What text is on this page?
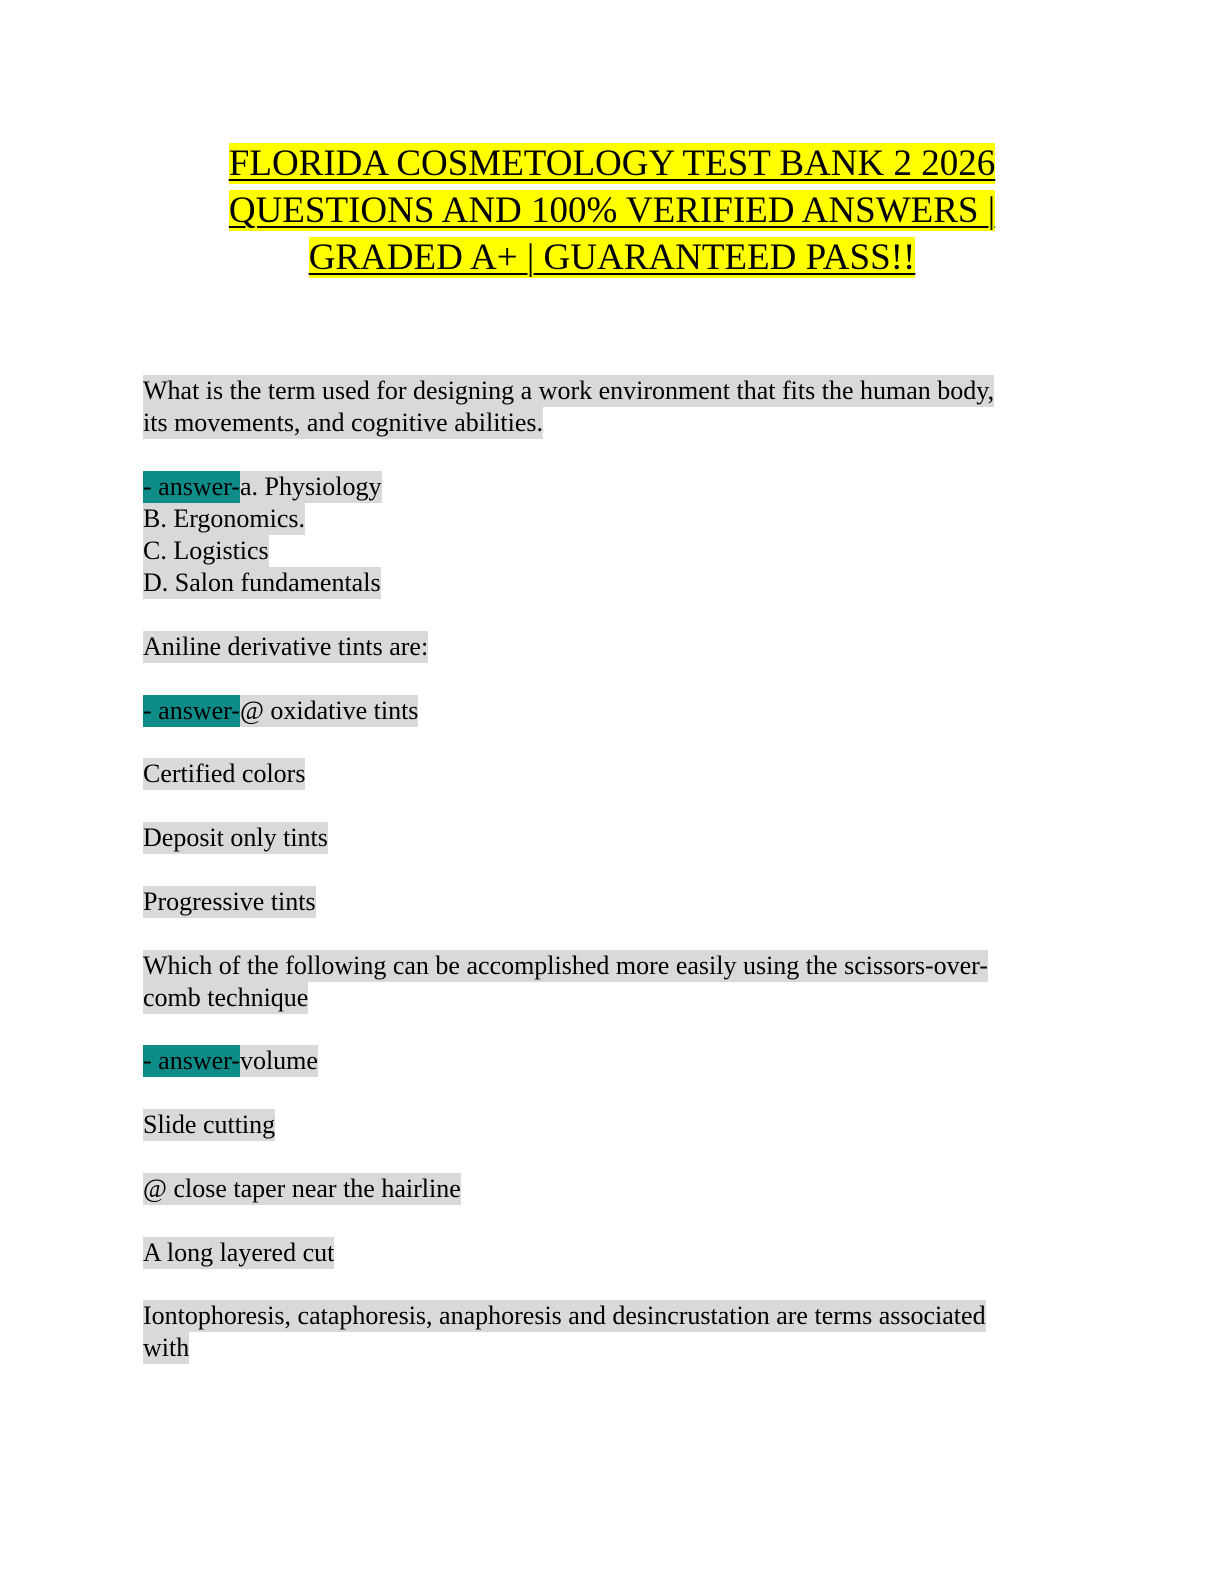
FLORIDA COSMETOLOGY TEST BANK 2 2026
QUESTIONS AND 100% VERIFIED ANSWERS |
GRADED A+ | GUARANTEED PASS!!
What is the term used for designing a work environment that fits the human body,
its movements, and cognitive abilities.
- answer-a. Physiology
B. Ergonomics.
C. Logistics
D. Salon fundamentals
Aniline derivative tints are:
- answer-@ oxidative tints
Certified colors
Deposit only tints
Progressive tints
Which of the following can be accomplished more easily using the scissors-over-
comb technique
- answer-volume
Slide cutting
@ close taper near the hairline
A long layered cut
Iontophoresis, cataphoresis, anaphoresis and desincrustation are terms associated
with
